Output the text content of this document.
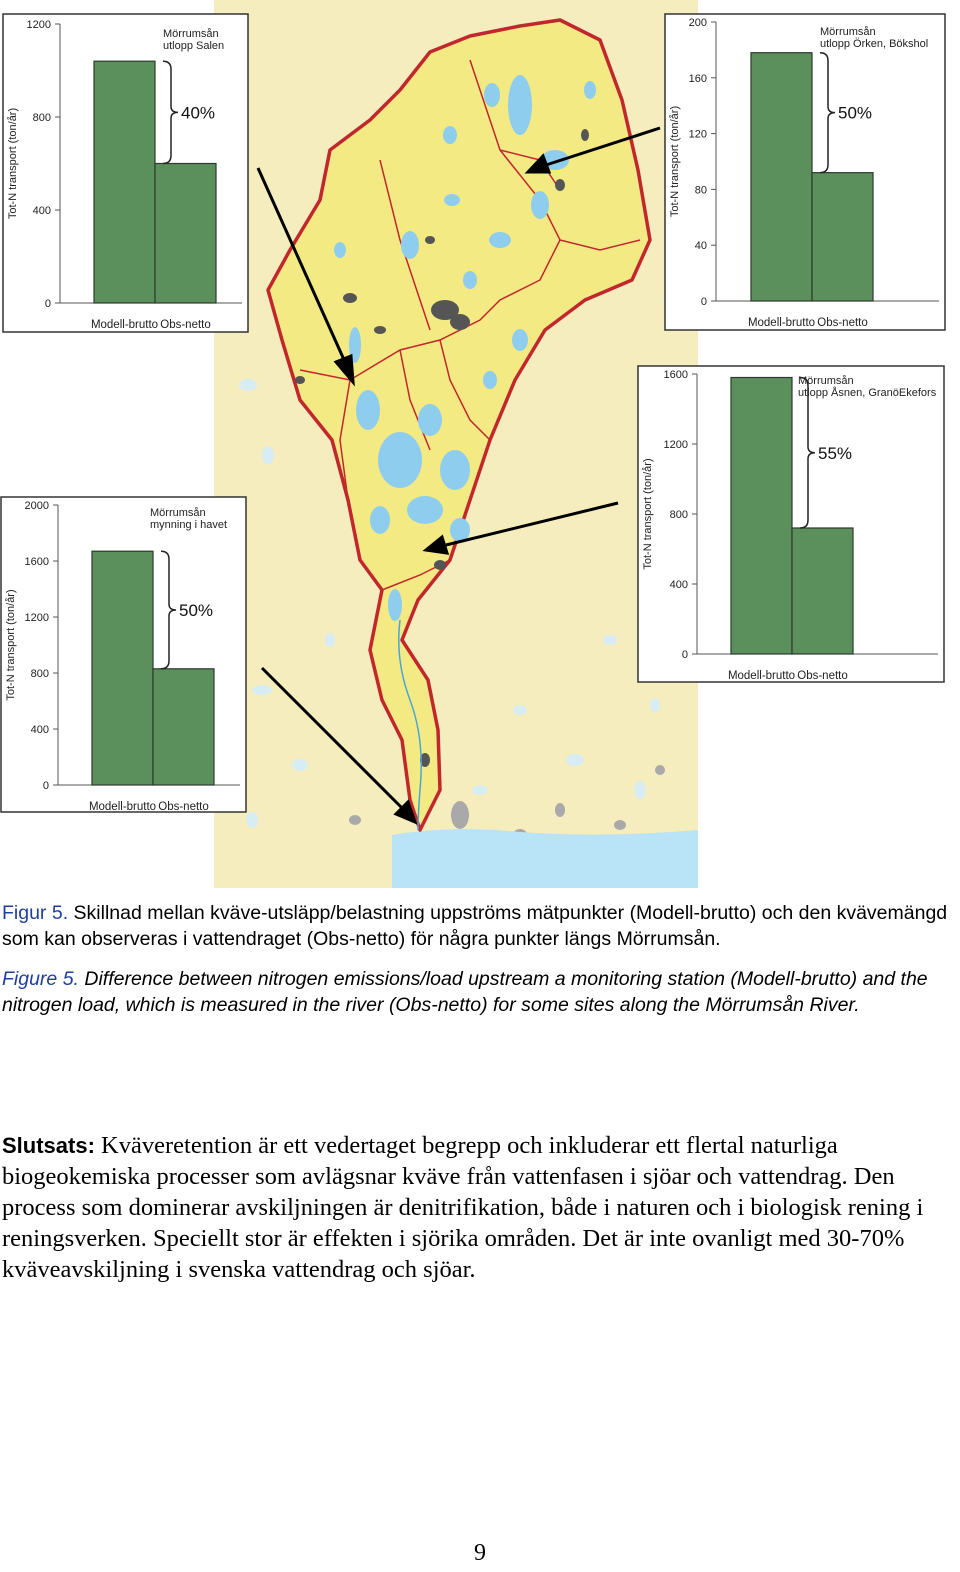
0
400
800
1200
Tot-N transport (ton/år)
Modell-brutto Obs-netto
Mörrumsån
utlopp Salen
40%
0
40
80
120
160
200
Tot-N transport (ton/år)
Modell-brutto Obs-netto
Mörrumsån
utlopp Örken, Bökshol
50%
0
400
800
1200
1600
Tot-N transport (ton/år)
Modell-brutto Obs-netto
Mörrumsån
utlopp Åsnen, GranöEkefors
55%
0
400
800
1200
1600
2000
Tot-N transport (ton/år)
Modell-brutto Obs-netto
Mörrumsån
mynning i havet
50%
Figur 5. Skillnad mellan kväve-utsläpp/belastning uppströms mätpunkter (Modell-brutto) och den kvävemängd som kan observeras i vattendraget (Obs-netto) för några punkter längs Mörrumsån.
Figure 5. Difference between nitrogen emissions/load upstream a monitoring station (Modell-brutto) and the nitrogen load, which is measured in the river (Obs-netto) for some sites along the Mörrumsån River.
Slutsats: Kväveretention är ett vedertaget begrepp och inkluderar ett flertal naturliga biogeokemiska processer som avlägsnar kväve från vattenfasen i sjöar och vattendrag. Den process som dominerar avskiljningen är denitrifikation, både i naturen och i biologisk rening i reningsverken. Speciellt stor är effekten i sjörika områden. Det är inte ovanligt med 30-70% kväveavskiljning i svenska vattendrag och sjöar.
9
